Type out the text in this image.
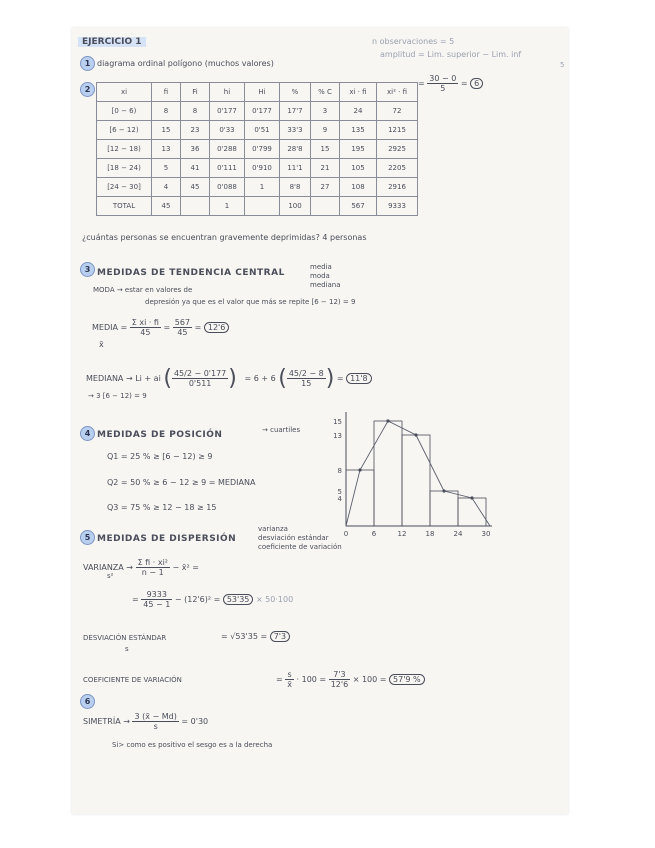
EJERCICIO 1	n observaciones = 5
amplitud = Lim. superior − Lim. inf
5
= $\frac{30 - 0}{5} = 6$
1 diagrama ordinal polígono (muchos valores)
2	xi	fi	Fi	hi	Hi	%	% C	xi · fi	xi² · fi
[0 − 6)	8	8	0'177	0'177	17'7	3	24	72
[6 − 12)	15	23	0'33	0'51	33'3	9	135	1215
[12 − 18)	13	36	0'288	0'799	28'8	15	195	2925
[18 − 24)	5	41	0'111	0'910	11'1	21	105	2205
[24 − 30]	4	45	0'088	1	8'8	27	108	2916
TOTAL	45		1		100		567	9333
¿cuántas personas se encuentran gravemente deprimidas? 4 personas
3 MEDIDAS DE TENDENCIA CENTRAL
media
moda
mediana
MODA → estar en valores de
depresión ya que es el valor que más se repite [6 − 12) = 9
MEDIA = $\frac{\text{Σ xi · fi}}{45} = \frac{567}{45} = 12'6$
x̄
MEDIANA → Li + ai ( $\frac{45/2 - 0'177}{0'511}$ ) = 6 + 6 ( $\frac{45/2 - 8}{15}$ ) = 11'8
→ 3 [6 − 12) = 9
4 MEDIDAS DE POSICIÓN	→ cuartiles
Q1 = 25 % ≥ [6 − 12) ≥ 9
Q2 = 50 % ≥ 6 − 12 ≥ 9 = MEDIANA
Q3 = 75 % ≥ 12 − 18 ≥ 15
0	6	12	18	24	30
4
5
8
13
15
5 MEDIDAS DE DISPERSIÓN
varianza
desviación estándar
coeficiente de variación
VARIANZA → $\frac{\text{Σ fi · xi²}}{n - 1}$ − x̄² =
s²
= $\frac{9333}{45 - 1} - (12'6)^2 = 53'35 \times 50\cdot 100$
DESVIACIÓN ESTÁNDAR
s
= √53'35 = 7'3
COEFICIENTE DE VARIACIÓN	= $\frac{s}{x̄} \cdot 100 = \frac{7'3}{12'6} \times 100 = 57'9$ %
6
SIMETRÍA → $\frac{3 (x̄ - Md)}{s} = 0'30$
Si> como es positivo el sesgo es a la derecha
